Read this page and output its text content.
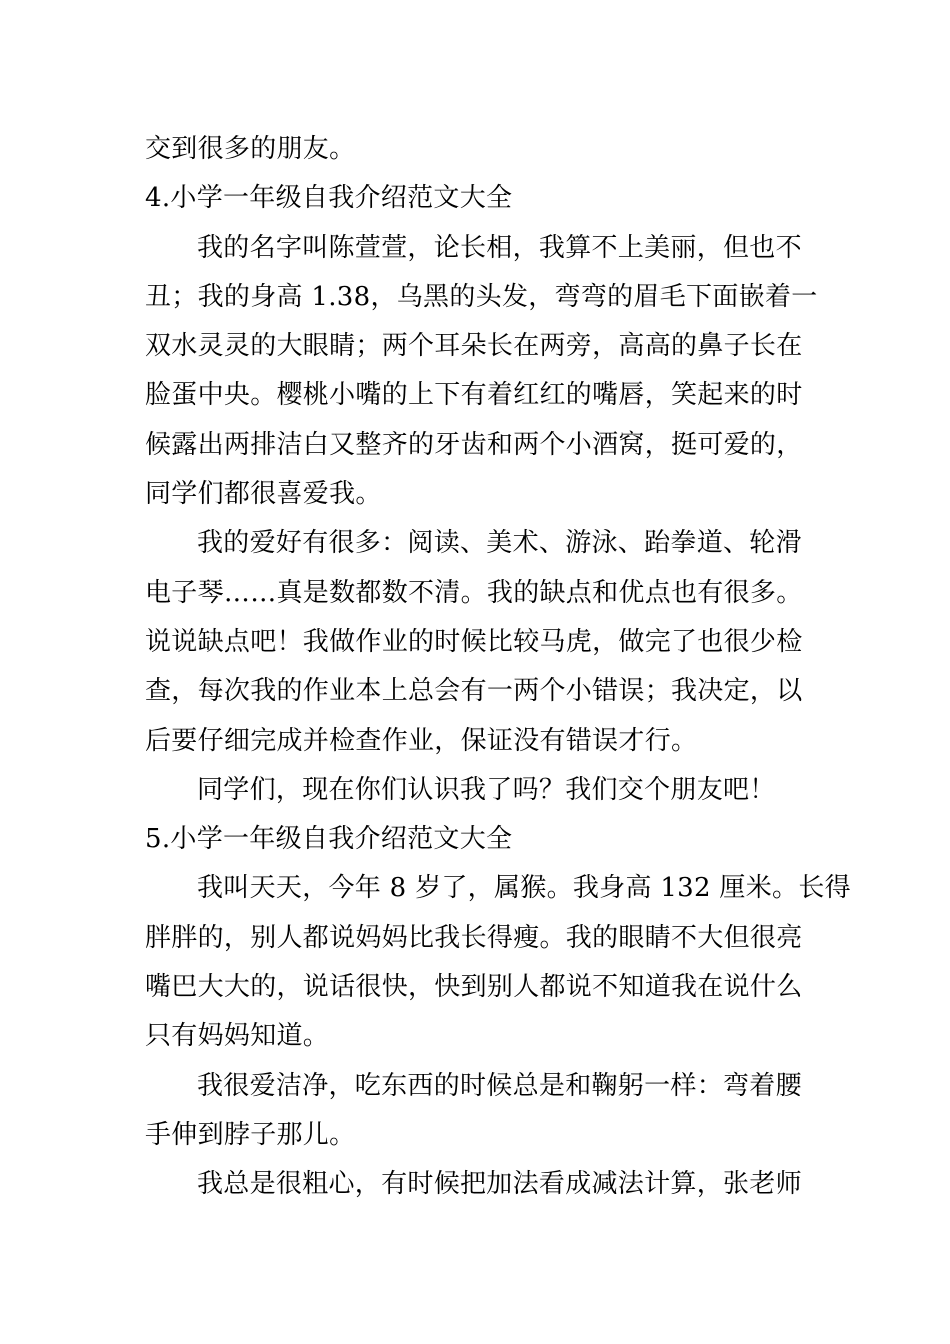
交到很多的朋友。
4.小学一年级自我介绍范文大全
我的名字叫陈萱萱，论长相，我算不上美丽，但也不
丑；我的身高 1.38，乌黑的头发，弯弯的眉毛下面嵌着一
双水灵灵的大眼睛；两个耳朵长在两旁，高高的鼻子长在
脸蛋中央。樱桃小嘴的上下有着红红的嘴唇，笑起来的时
候露出两排洁白又整齐的牙齿和两个小酒窝，挺可爱的，
同学们都很喜爱我。
我的爱好有很多：阅读、美术、游泳、跆拳道、轮滑
电子琴……真是数都数不清。我的缺点和优点也有很多。
说说缺点吧！我做作业的时候比较马虎，做完了也很少检
查，每次我的作业本上总会有一两个小错误；我决定，以
后要仔细完成并检查作业，保证没有错误才行。
同学们，现在你们认识我了吗？我们交个朋友吧！
5.小学一年级自我介绍范文大全
我叫天天，今年 8 岁了，属猴。我身高 132 厘米。长得
胖胖的，别人都说妈妈比我长得瘦。我的眼睛不大但很亮
嘴巴大大的，说话很快，快到别人都说不知道我在说什么
只有妈妈知道。
我很爱洁净，吃东西的时候总是和鞠躬一样：弯着腰
手伸到脖子那儿。
我总是很粗心，有时候把加法看成减法计算，张老师
